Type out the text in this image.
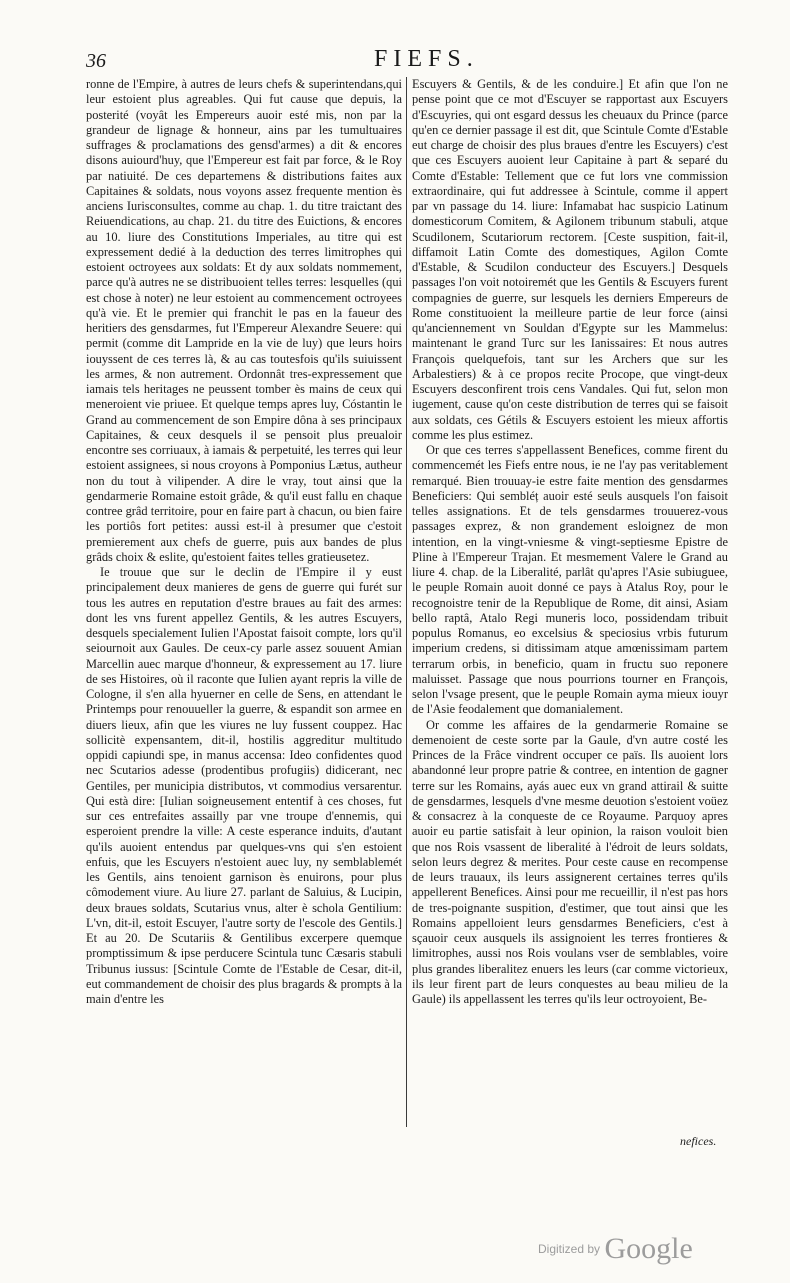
36	FIEFS.

ronne de l'Empire, à autres de leurs chefs & superintendans,qui leur estoient plus agreables. Qui fut cause que depuis, la posterité (voyât les Empereurs auoir esté mis, non par la grandeur de lignage & honneur, ains par les tumultuaires suffrages & proclamations des gensd'armes) a dit & encores disons auiourd'huy, que l'Empereur est fait par force, & le Roy par natiuité. De ces departemens & distributions faites aux Capitaines & soldats, nous voyons assez frequente mention ès anciens Iurisconsultes, comme au chap. 1. du titre traictant des Reiuendications, au chap. 21. du titre des Euictions, & encores au 10. liure des Constitutions Imperiales, au titre qui est expressement dedié à la deduction des terres limitrophes qui estoient octroyees aux soldats: Et dy aux soldats nommement, parce qu'à autres ne se distribuoient telles terres: lesquelles (qui est chose à noter) ne leur estoient au commencement octroyees qu'à vie. Et le premier qui franchit le pas en la faueur des heritiers des gensdarmes, fut l'Empereur Alexandre Seuere: qui permit (comme dit Lampride en la vie de luy) que leurs hoirs iouyssent de ces terres là, & au cas toutesfois qu'ils suiuissent les armes, & non autrement. Ordonnât tres-expressement que iamais tels heritages ne peussent tomber ès mains de ceux qui meneroient vie priuee. Et quelque temps apres luy, Cóstantin le Grand au commencement de son Empire dôna à ses principaux Capitaines, & ceux desquels il se pensoit plus preualoir encontre ses corriuaux, à iamais & perpetuité, les terres qui leur estoient assignees, si nous croyons à Pomponius Lætus, autheur non du tout à vilipender. A dire le vray, tout ainsi que la gendarmerie Romaine estoit grâde, & qu'il eust fallu en chaque contree grâd territoire, pour en faire part à chacun, ou bien faire les portiôs fort petites: aussi est-il à presumer que c'estoit premierement aux chefs de guerre, puis aux bandes de plus grâds choix & eslite, qu'estoient faites telles gratieusetez.

Ie trouue que sur le declin de l'Empire il y eust principalement deux manieres de gens de guerre qui furét sur tous les autres en reputation d'estre braues au fait des armes: dont les vns furent appellez Gentils, & les autres Escuyers, desquels specialement Iulien l'Apostat faisoit compte, lors qu'il seiournoit aux Gaules. De ceux-cy parle assez souuent Amian Marcellin auec marque d'honneur, & expressement au 17. liure de ses Histoires, où il raconte que Iulien ayant repris la ville de Cologne, il s'en alla hyuerner en celle de Sens, en attendant le Printemps pour renouueller la guerre, & espandit son armee en diuers lieux, afin que les viures ne luy fussent couppez. Hac sollicitè expensantem, dit-il, hostilis aggreditur multitudo oppidi capiundi spe, in manus accensa: Ideo confidentes quod nec Scutarios adesse (prodentibus profugiis) didicerant, nec Gentiles, per municipia distributos, vt commodius versarentur. Qui està dire: [Iulian soigneusement ententif à ces choses, fut sur ces entrefaites assailly par vne troupe d'ennemis, qui esperoient prendre la ville: A ceste esperance induits, d'autant qu'ils auoient entendus par quelques-vns qui s'en estoient enfuis, que les Escuyers n'estoient auec luy, ny semblablemét les Gentils, ains tenoient garnison ès enuirons, pour plus cômodement viure. Au liure 27. parlant de Saluius, & Lucipin, deux braues soldats, Scutarius vnus, alter è schola Gentilium: L'vn, dit-il, estoit Escuyer, l'autre sorty de l'escole des Gentils.] Et au 20. De Scutariis & Gentilibus excerpere quemque promptissimum & ipse perducere Scintula tunc Cæsaris stabuli Tribunus iussus: [Scintule Comte de l'Estable de Cesar, dit-il, eut commandement de choisir des plus bragards & prompts à la main d'entre les

Escuyers & Gentils, & de les conduire.] Et afin que l'on ne pense point que ce mot d'Escuyer se rapportast aux Escuyers d'Escuyries, qui ont esgard dessus les cheuaux du Prince (parce qu'en ce dernier passage il est dit, que Scintule Comte d'Estable eut charge de choisir des plus braues d'entre les Escuyers) c'est que ces Escuyers auoient leur Capitaine à part & separé du Comte d'Estable: Tellement que ce fut lors vne commission extraordinaire, qui fut addressee à Scintule, comme il appert par vn passage du 14. liure: Infamabat hac suspicio Latinum domesticorum Comitem, & Agilonem tribunum stabuli, atque Scudilonem, Scutariorum rectorem. [Ceste suspition, fait-il, diffamoit Latin Comte des domestiques, Agilon Comte d'Estable, & Scudilon conducteur des Escuyers.] Desquels passages l'on voit notoiremét que les Gentils & Escuyers furent compagnies de guerre, sur lesquels les derniers Empereurs de Rome constituoient la meilleure partie de leur force (ainsi qu'anciennement vn Souldan d'Egypte sur les Mammelus: maintenant le grand Turc sur les Ianissaires: Et nous autres François quelquefois, tant sur les Archers que sur les Arbalestiers) & à ce propos recite Procope, que vingt-deux Escuyers desconfirent trois cens Vandales. Qui fut, selon mon iugement, cause qu'on ceste distribution de terres qui se faisoit aux soldats, ces Gétils & Escuyers estoient les mieux affortis comme les plus estimez.

Or que ces terres s'appellassent Benefices, comme firent du commencemét les Fiefs entre nous, ie ne l'ay pas veritablement remarqué. Bien trouuay-ie estre faite mention des gensdarmes Beneficiers: Qui sembléț auoir esté seuls ausquels l'on faisoit telles assignations. Et de tels gensdarmes trouuerez-vous passages exprez, & non grandement esloignez de mon intention, en la vingt-vniesme & vingt-septiesme Epistre de Pline à l'Empereur Trajan. Et mesmement Valere le Grand au liure 4. chap. de la Liberalité, parlât qu'apres l'Asie subiuguee, le peuple Romain auoit donné ce pays à Atalus Roy, pour le recognoistre tenir de la Republique de Rome, dit ainsi, Asiam bello raptâ, Atalo Regi muneris loco, possidendam tribuit populus Romanus, eo excelsius & speciosius vrbis futurum imperium credens, si ditissimam atque amœnissimam partem terrarum orbis, in beneficio, quam in fructu suo reponere maluisset. Passage que nous pourrions tourner en François, selon l'vsage present, que le peuple Romain ayma mieux iouyr de l'Asie feodalement que domanialement.

Or comme les affaires de la gendarmerie Romaine se demenoient de ceste sorte par la Gaule, d'vn autre costé les Princes de la Frâce vindrent occuper ce païs. Ils auoient lors abandonné leur propre patrie & contree, en intention de gagner terre sur les Romains, ayás auec eux vn grand attirail & suitte de gensdarmes, lesquels d'vne mesme deuotion s'estoient voüez & consacrez à la conqueste de ce Royaume. Parquoy apres auoir eu partie satisfait à leur opinion, la raison vouloit bien que nos Rois vsassent de liberalité à l'édroit de leurs soldats, selon leurs degrez & merites. Pour ceste cause en recompense de leurs trauaux, ils leurs assignerent certaines terres qu'ils appellerent Benefices. Ainsi pour me recueillir, il n'est pas hors de tres-poignante suspition, d'estimer, que tout ainsi que les Romains appelloient leurs gensdarmes Beneficiers, c'est à sçauoir ceux ausquels ils assignoient les terres frontieres & limitrophes, aussi nos Rois voulans vser de semblables, voire plus grandes liberalitez enuers les leurs (car comme victorieux, ils leur firent part de leurs conquestes au beau milieu de la Gaule) ils appellassent les terres qu'ils leur octroyoient, Be-

nefices.
Digitized by Google
